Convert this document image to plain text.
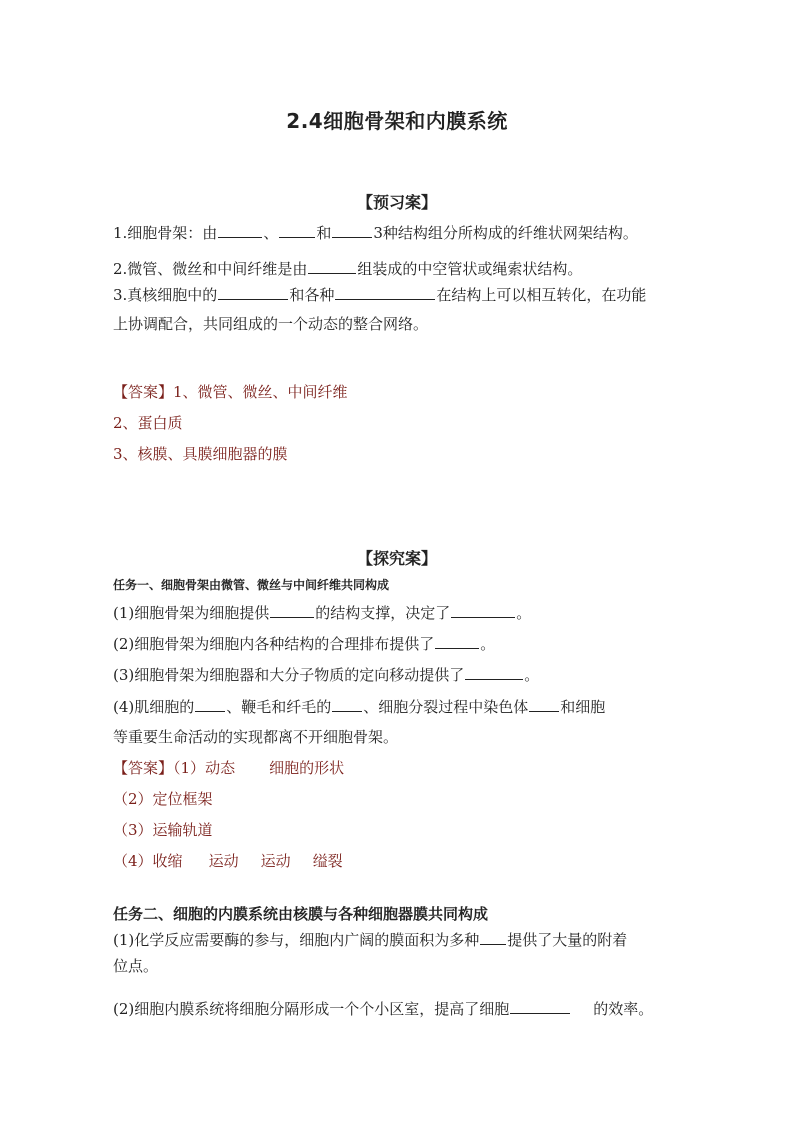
2.4细胞骨架和内膜系统
【预习案】
1.细胞骨架：由	、	和	3种结构组分所构成的纤维状网架结构。
2.微管、微丝和中间纤维是由	组装成的中空管状或绳索状结构。
3.真核细胞中的	和各种	在结构上可以相互转化，在功能
上协调配合，共同组成的一个动态的整合网络。
【答案】1、微管、微丝、中间纤维
2、蛋白质
3、核膜、具膜细胞器的膜
【探究案】
任务一、细胞骨架由微管、微丝与中间纤维共同构成
(1)细胞骨架为细胞提供	的结构支撑，决定了	。
(2)细胞骨架为细胞内各种结构的合理排布提供了	。
(3)细胞骨架为细胞器和大分子物质的定向移动提供了	。
(4)肌细胞的 、鞭毛和纤毛的 、细胞分裂过程中染色体 和细胞
等重要生命活动的实现都离不开细胞骨架。
【答案】（1）动态 细胞的形状
（2）定位框架
（3）运输轨道
（4）收缩 运动 运动 缢裂
任务二、细胞的内膜系统由核膜与各种细胞器膜共同构成
(1)化学反应需要酶的参与，细胞内广阔的膜面积为多种 提供了大量的附着
位点。
(2)细胞内膜系统将细胞分隔形成一个个小区室，提高了细胞	的效率。
